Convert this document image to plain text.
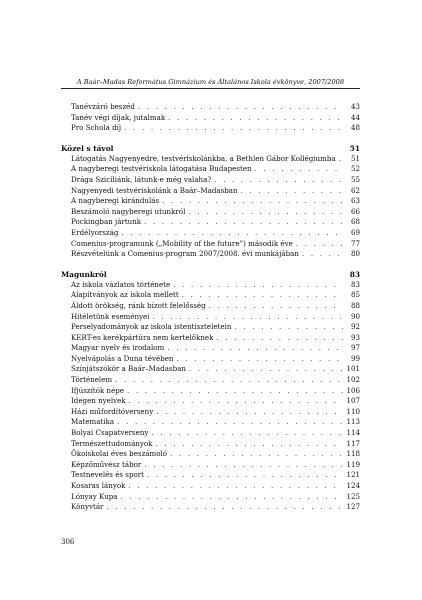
A Baár–Madas Református Gimnázium és Általános Iskola évkönyve, 2007/2008
Tanévzáró beszéd . . .	43
Tanév végi díjak, jutalmak . . .	44
Pro Schola díj . . .	48
Közel s távol	51
Látogatás Nagyenyedre, testvériskolánkba, a Bethlen Gábor Kollégiumba . . .	51
A nagyberegi testvériskola látogatása Budapesten . . .	52
Drága Szicíliánk, látunk-e még valaha? . . .	55
Nagyenyedi testvériskolánk a Baár–Madasban . . .	62
A nagyberegi kirándulás . . .	63
Beszámoló nagyberegi utunkról . . .	66
Pockingban jártunk . . .	68
Erdélyország . . .	69
Comenius-programunk („Mobility of the future”) második éve . . .	77
Részvételünk a Comenius-program 2007/2008. évi munkájában . . .	80
Magunkról	83
Az iskola vázlatos története . . .	83
Alapítványok az iskola mellett . . .	85
Áldott örökség, ránk bízott felelősség . . .	88
Hitéletünk eseményei . . .	90
Perselyadományok az iskola istentiszteletein . . .	92
KERT-es kerékpártúra nem kertelőknek . . .	93
Magyar nyelv és irodalom . . .	97
Nyelvápolás a Duna tévében . . .	99
Színjátszókör a Baár–Madasban . . .	101
Történelem . . .	102
Ifjúszítók népe . . .	106
Idegen nyelvek . . .	107
Házi műfordítóverseny . . .	110
Matematika . . .	113
Bolyai Csapatverseny . . .	114
Természettudományok . . .	117
Ökoiskolai éves beszámoló . . .	118
Képzőművész tábor . . .	119
Testnevelés és sport . . .	121
Kosaras lányok . . .	124
Lónyay Kupa . . .	125
Könyvtár . . .	127
306
